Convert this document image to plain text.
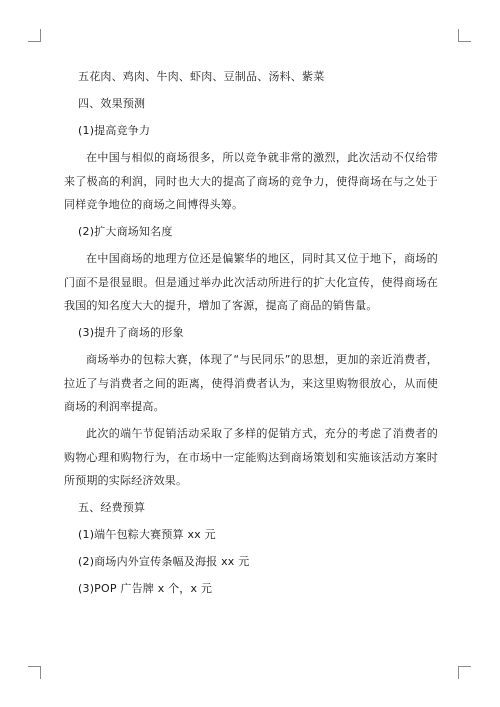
五花肉、鸡肉、牛肉、虾肉、豆制品、汤料、紫菜

四、效果预测

(1)提高竞争力

在中国与相似的商场很多，所以竞争就非常的激烈，此次活动不仅给带来了极高的利润，同时也大大的提高了商场的竞争力，使得商场在与之处于同样竞争地位的商场之间博得头筹。

(2)扩大商场知名度

在中国商场的地理方位还是偏繁华的地区，同时其又位于地下，商场的门面不是很显眼。但是通过举办此次活动所进行的扩大化宣传，使得商场在我国的知名度大大的提升，增加了客源，提高了商品的销售量。

(3)提升了商场的形象

商场举办的包粽大赛，体现了“与民同乐”的思想，更加的亲近消费者，拉近了与消费者之间的距离，使得消费者认为，来这里购物很放心，从而使商场的利润率提高。

此次的端午节促销活动采取了多样的促销方式，充分的考虑了消费者的购物心理和购物行为，在市场中一定能购达到商场策划和实施该活动方案时所预期的实际经济效果。

五、经费预算

(1)端午包粽大赛预算 xx 元

(2)商场内外宣传条幅及海报 xx 元

(3)POP 广告牌 x 个，x 元
